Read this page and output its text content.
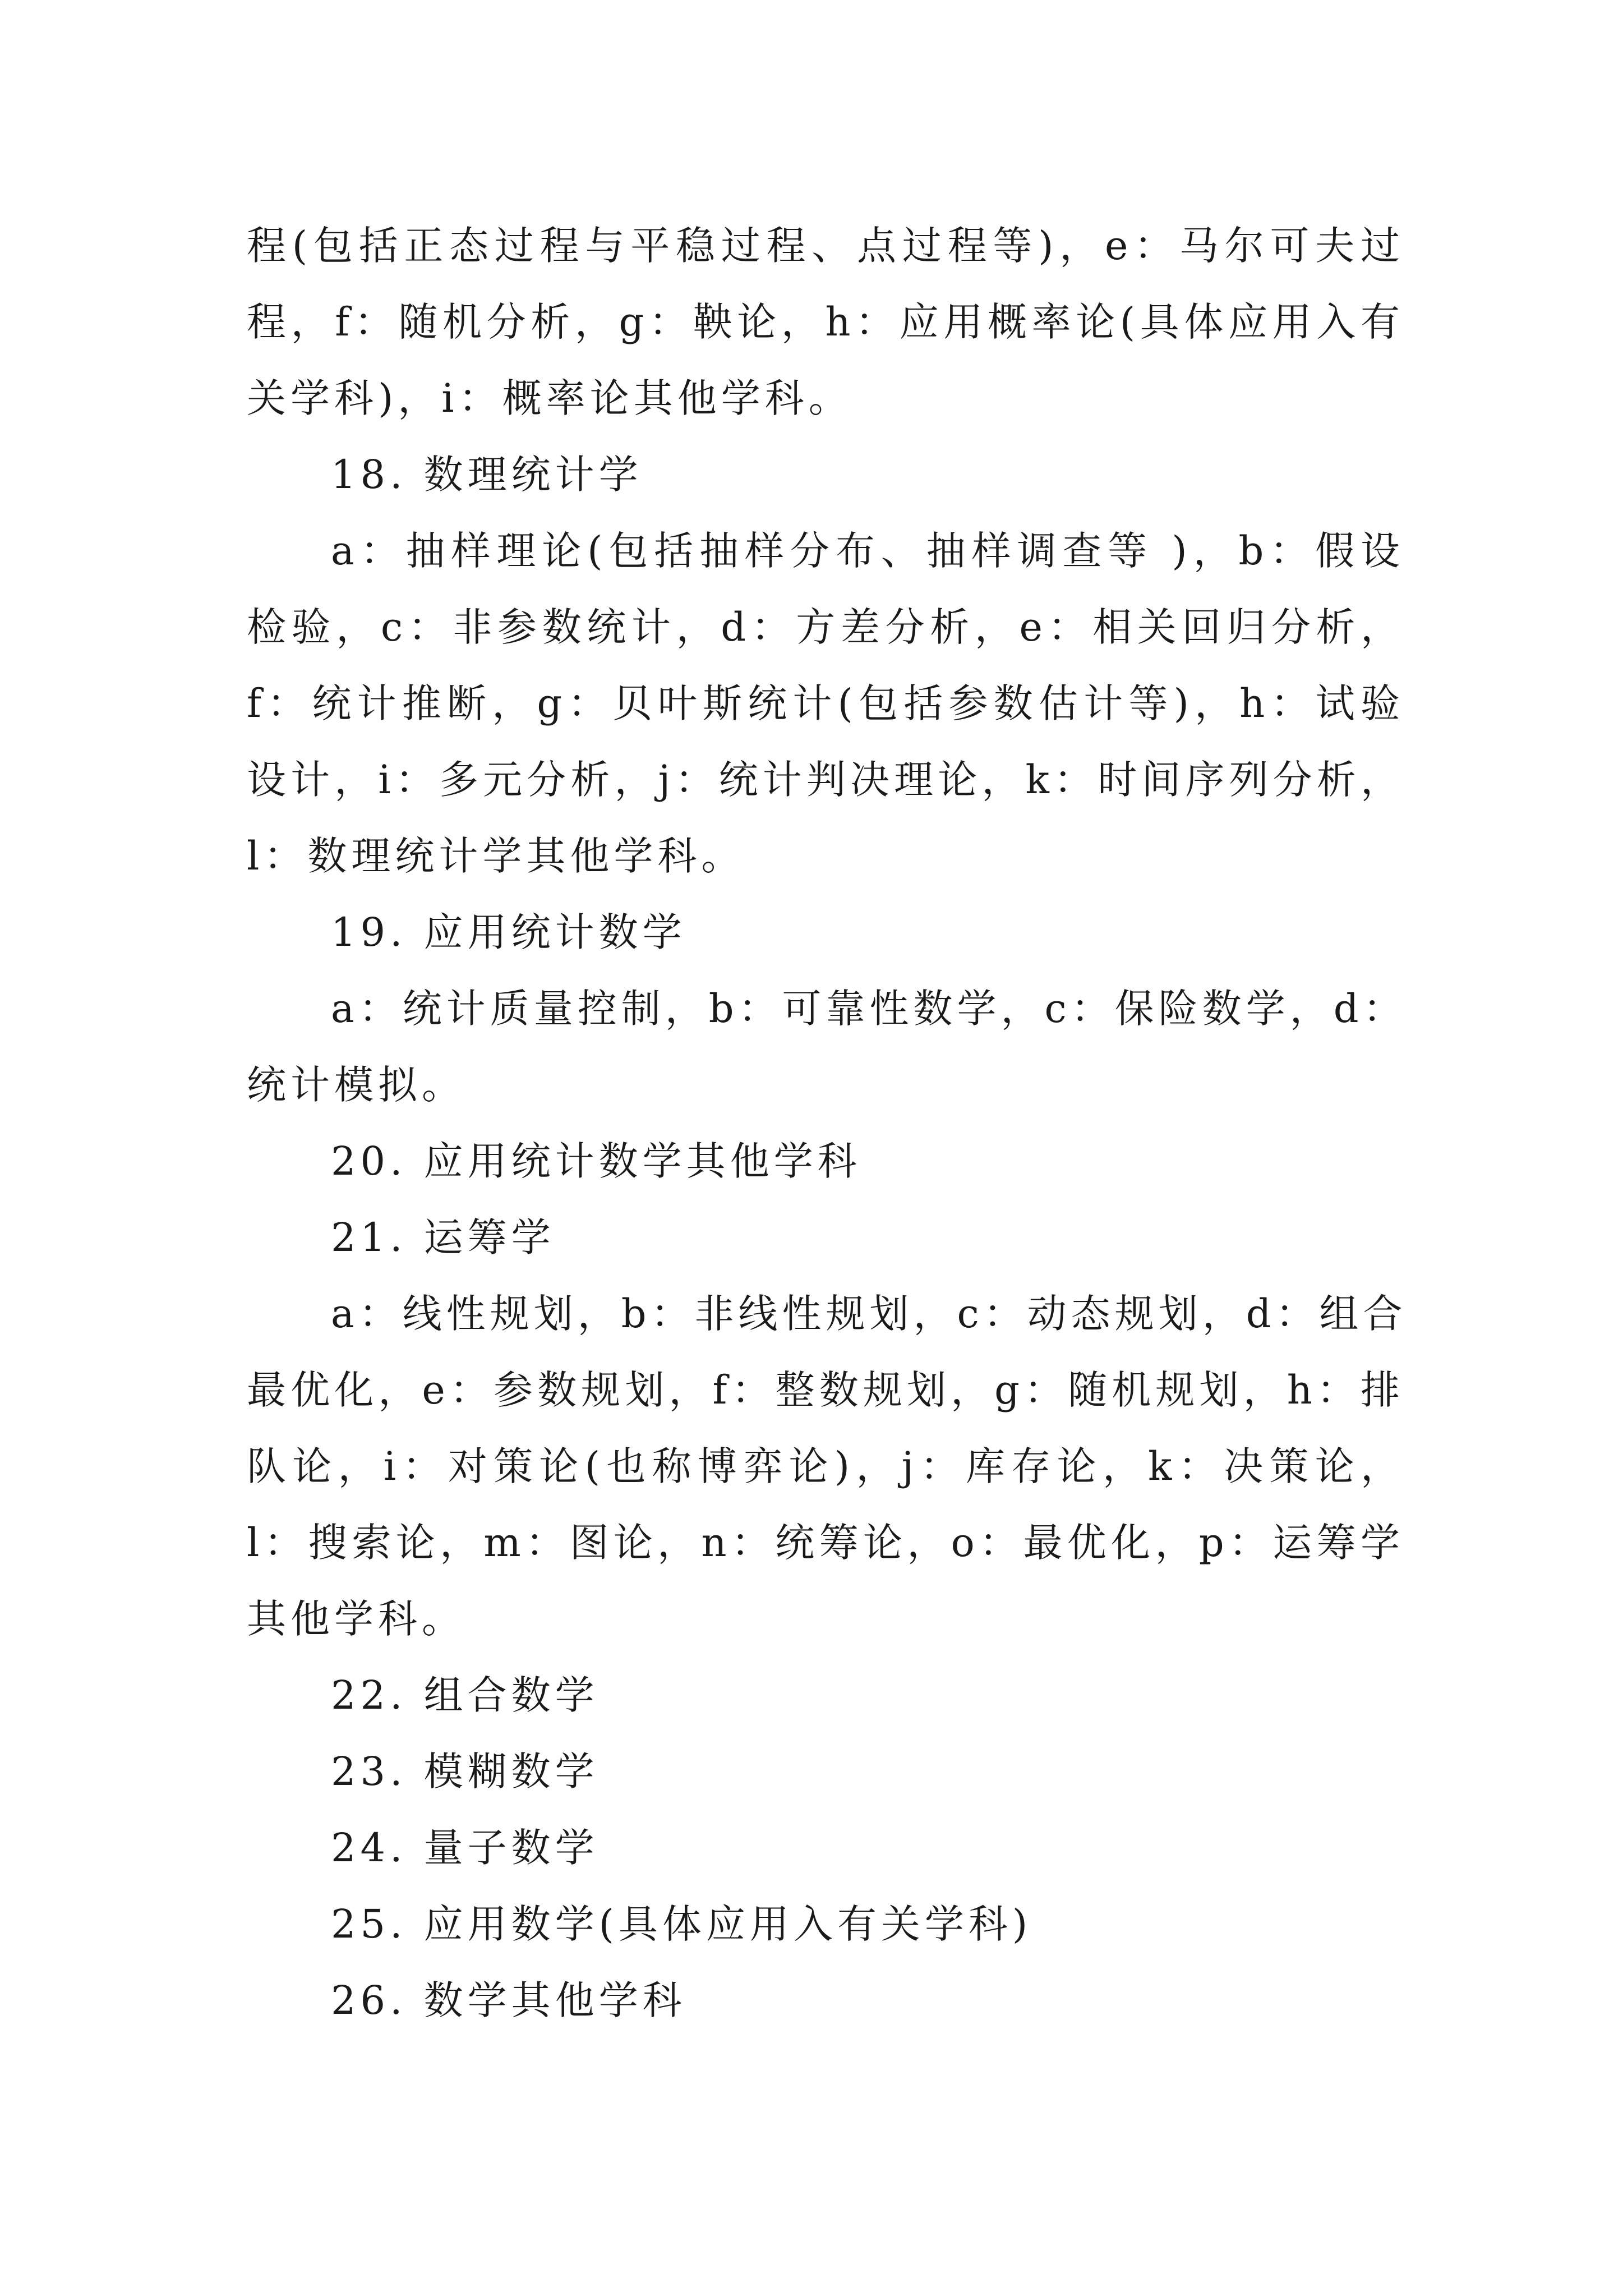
程(包括正态过程与平稳过程、点过程等)，e：马尔可夫过
程，f：随机分析，g：鞅论，h：应用概率论(具体应用入有
关学科)，i：概率论其他学科。
18. 数理统计学
a：抽样理论(包括抽样分布、抽样调查等 )，b：假设
检验，c：非参数统计，d：方差分析，e：相关回归分析，
f：统计推断，g：贝叶斯统计(包括参数估计等)，h：试验
设计，i：多元分析，j：统计判决理论，k：时间序列分析，
l：数理统计学其他学科。
19. 应用统计数学
a：统计质量控制，b：可靠性数学，c：保险数学，d：
统计模拟。
20. 应用统计数学其他学科
21. 运筹学
a：线性规划，b：非线性规划，c：动态规划，d：组合
最优化，e：参数规划，f：整数规划，g：随机规划，h：排
队论，i：对策论(也称博弈论)，j：库存论，k：决策论，
l：搜索论，m：图论，n：统筹论，o：最优化，p：运筹学
其他学科。
22. 组合数学
23. 模糊数学
24. 量子数学
25. 应用数学(具体应用入有关学科)
26. 数学其他学科
